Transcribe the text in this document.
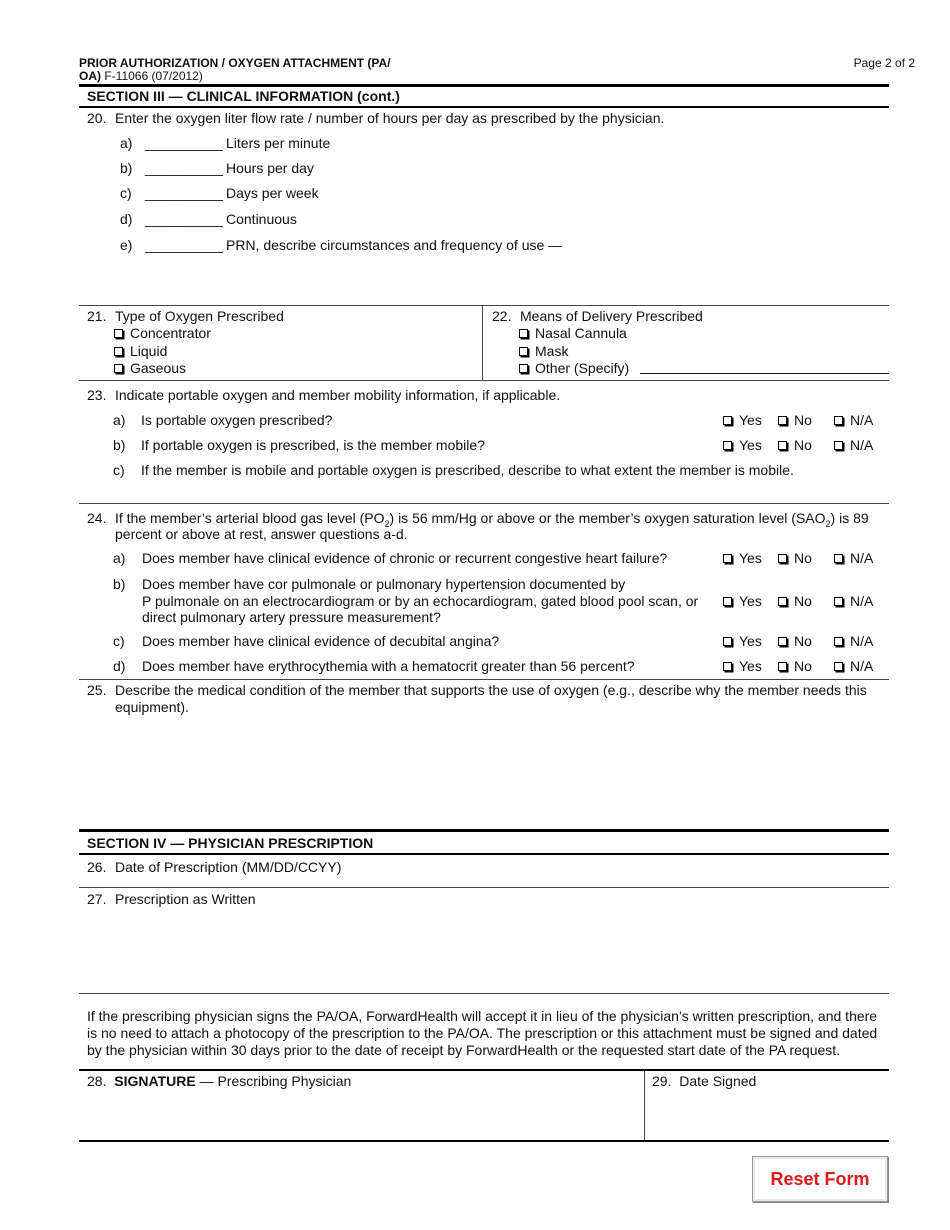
PRIOR AUTHORIZATION / OXYGEN ATTACHMENT (PA/
OA) F-11066 (07/2012)
Page 2 of 2
SECTION III — CLINICAL INFORMATION (cont.)
20. Enter the oxygen liter flow rate / number of hours per day as prescribed by the physician.
a) __________ Liters per minute
b) __________ Hours per day
c) __________ Days per week
d) __________ Continuous
e) __________ PRN, describe circumstances and frequency of use —
21. Type of Oxygen Prescribed
Concentrator
Liquid
Gaseous
22. Means of Delivery Prescribed
Nasal Cannula
Mask
Other (Specify)
23. Indicate portable oxygen and member mobility information, if applicable.
a) Is portable oxygen prescribed?	Yes	No	N/A
b) If portable oxygen is prescribed, is the member mobile?	Yes	No	N/A
c) If the member is mobile and portable oxygen is prescribed, describe to what extent the member is mobile.
24. If the member’s arterial blood gas level $(PO_2)$ is 56 mm/Hg or above or the member’s oxygen saturation level $(SAO_2)$ is 89
percent or above at rest, answer questions a-d.
a) Does member have clinical evidence of chronic or recurrent congestive heart failure?	Yes	No	N/A
b) Does member have cor pulmonale or pulmonary hypertension documented by
P pulmonale on an electrocardiogram or by an echocardiogram, gated blood pool scan, or
direct pulmonary artery pressure measurement?
Yes	No	N/A
c) Does member have clinical evidence of decubital angina?	Yes	No	N/A
d) Does member have erythrocythemia with a hematocrit greater than 56 percent?	Yes	No	N/A
25. Describe the medical condition of the member that supports the use of oxygen (e.g., describe why the member needs this
equipment).
SECTION IV — PHYSICIAN PRESCRIPTION
26. Date of Prescription (MM/DD/CCYY)
27. Prescription as Written
If the prescribing physician signs the PA/OA, ForwardHealth will accept it in lieu of the physician’s written prescription, and there
is no need to attach a photocopy of the prescription to the PA/OA. The prescription or this attachment must be signed and dated
by the physician within 30 days prior to the date of receipt by ForwardHealth or the requested start date of the PA request.
28. SIGNATURE — Prescribing Physician	29. Date Signed
Reset Form
